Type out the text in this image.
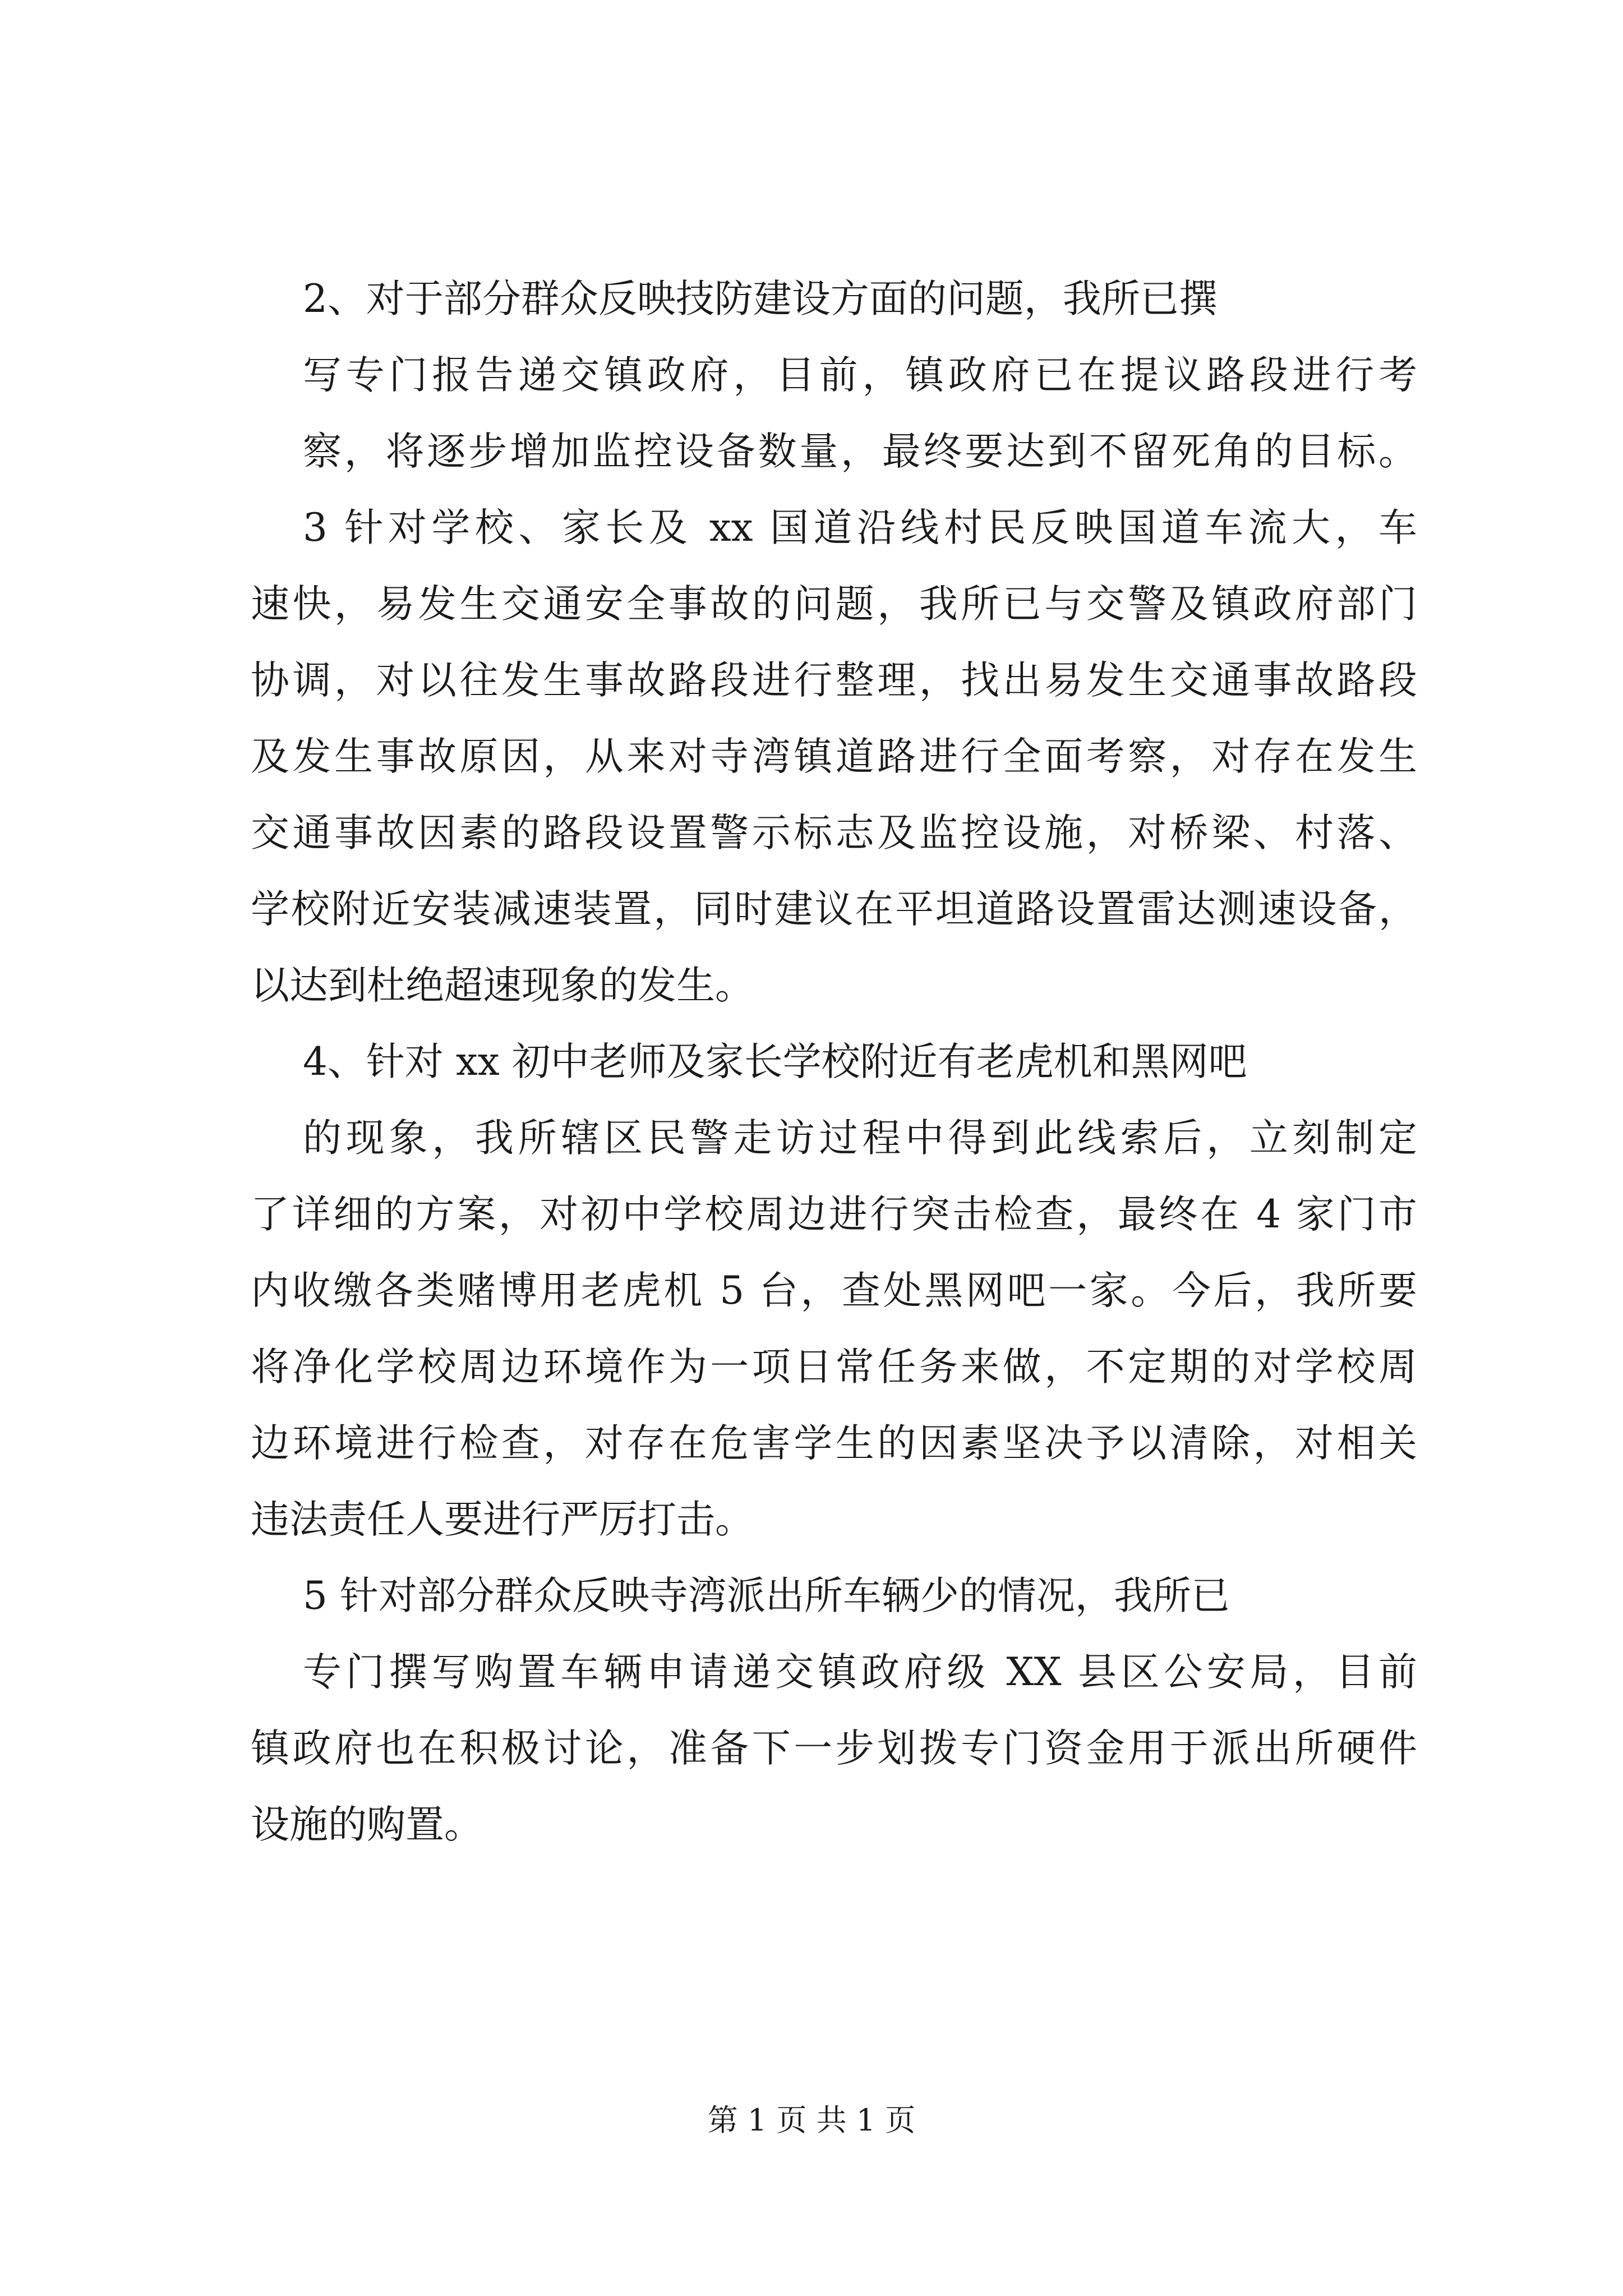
2、对于部分群众反映技防建设方面的问题，我所已撰
写专门报告递交镇政府，目前，镇政府已在提议路段进行考
察，将逐步增加监控设备数量，最终要达到不留死角的目标。
3 针对学校、家长及 xx 国道沿线村民反映国道车流大，车
速快，易发生交通安全事故的问题，我所已与交警及镇政府部门
协调，对以往发生事故路段进行整理，找出易发生交通事故路段
及发生事故原因，从来对寺湾镇道路进行全面考察，对存在发生
交通事故因素的路段设置警示标志及监控设施，对桥梁、村落、
学校附近安装减速装置，同时建议在平坦道路设置雷达测速设备，
以达到杜绝超速现象的发生。
4、针对 xx 初中老师及家长学校附近有老虎机和黑网吧
的现象，我所辖区民警走访过程中得到此线索后，立刻制定
了详细的方案，对初中学校周边进行突击检查，最终在 4 家门市
内收缴各类赌博用老虎机 5 台，查处黑网吧一家。今后，我所要
将净化学校周边环境作为一项日常任务来做，不定期的对学校周
边环境进行检查，对存在危害学生的因素坚决予以清除，对相关
违法责任人要进行严厉打击。
5 针对部分群众反映寺湾派出所车辆少的情况，我所已
专门撰写购置车辆申请递交镇政府级 XX 县区公安局，目前
镇政府也在积极讨论，准备下一步划拨专门资金用于派出所硬件
设施的购置。
第 1 页 共 1 页
